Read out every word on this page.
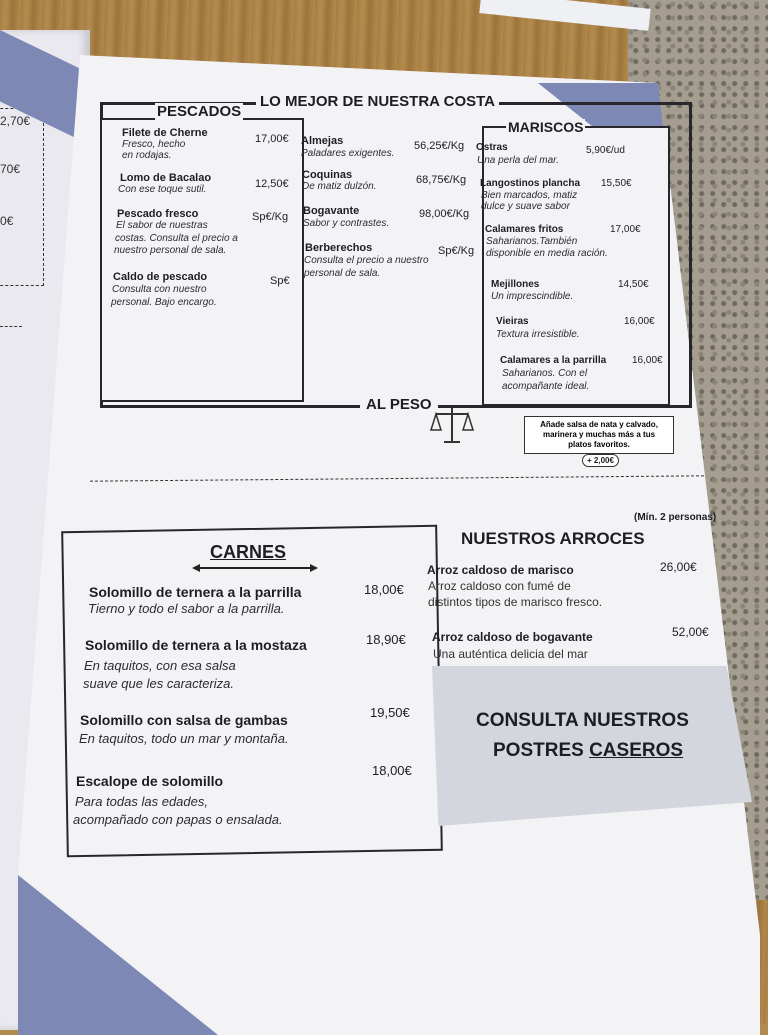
2,70€
70€
0€
LO MEJOR DE NUESTRA COSTA
PESCADOS
MARISCOS
Filete de Cherne
Fresco, hecho
en rodajas.
17,00€
Lomo de Bacalao
Con ese toque sutil.	12,50€
Pescado fresco
El sabor de nuestras
costas. Consulta el precio a
nuestro personal de sala.
Sp€/Kg
Caldo de pescado
Consulta con nuestro
personal. Bajo encargo.
Sp€
Almejas
Paladares exigentes.
56,25€/Kg
Coquinas
De matiz dulzón.
68,75€/Kg
Bogavante
Sabor y contrastes.
98,00€/Kg
Berberechos
Consulta el precio a nuestro
personal de sala.
Sp€/Kg
Ostras
Una perla del mar.
5,90€/ud
Langostinos plancha
Bien marcados, matiz
dulce y suave sabor
15,50€
Calamares fritos
Saharianos.También
disponible en media ración.
17,00€
Mejillones
Un imprescindible.
14,50€
Vieiras
Textura irresistible.
16,00€
Calamares a la parrilla
Saharianos. Con el
acompañante ideal.
16,00€
AL PESO
Añade salsa de nata y calvado,
marinera y muchas más a tus
platos favoritos.
+ 2,00€
CARNES
Solomillo de ternera a la parrilla
Tierno y todo el sabor a la parrilla.
18,00€
Solomillo de ternera a la mostaza
En taquitos, con esa salsa
suave que les caracteriza.
18,90€
Solomillo con salsa de gambas
En taquitos, todo un mar y montaña.
19,50€
Escalope de solomillo
Para todas las edades,
acompañado con papas o ensalada.
18,00€
(Mín. 2 personas)
NUESTROS ARROCES
Arroz caldoso de marisco
Arroz caldoso con fumé de
distintos tipos de marisco fresco.
26,00€
Arroz caldoso de bogavante
Una auténtica delicia del mar
52,00€
CONSULTA NUESTROS
POSTRES CASEROS
